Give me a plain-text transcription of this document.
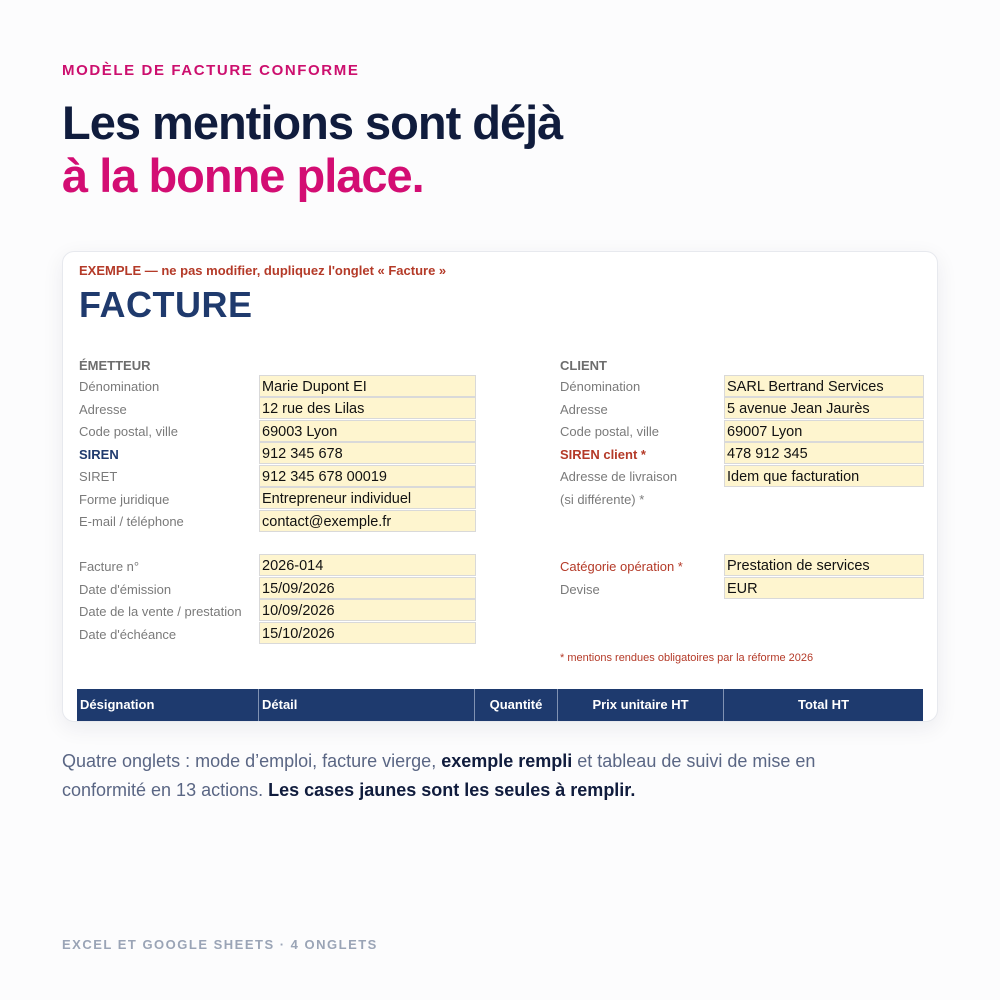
MODÈLE DE FACTURE CONFORME
Les mentions sont déjà
à la bonne place.
EXEMPLE — ne pas modifier, dupliquez l'onglet « Facture »
FACTURE
ÉMETTEUR
Dénomination	Marie Dupont EI
Adresse	12 rue des Lilas
Code postal, ville	69003 Lyon
SIREN	912 345 678
SIRET	912 345 678 00019
Forme juridique	Entrepreneur individuel
E-mail / téléphone	contact@exemple.fr
CLIENT
Dénomination	SARL Bertrand Services
Adresse	5 avenue Jean Jaurès
Code postal, ville	69007 Lyon
SIREN client *	478 912 345
Adresse de livraison	Idem que facturation
(si différente) *
Facture n°	2026-014
Date d'émission	15/09/2026
Date de la vente / prestation 10/09/2026
Date d'échéance	15/10/2026
Catégorie opération *	Prestation de services
Devise	EUR
* mentions rendues obligatoires par la réforme 2026
Désignation	Détail	Quantité	Prix unitaire HT	Total HT

Quatre onglets : mode d’emploi, facture vierge, exemple rempli et tableau de suivi de mise en conformité en 13 actions. Les cases jaunes sont les seules à remplir.

EXCEL ET GOOGLE SHEETS · 4 ONGLETS
